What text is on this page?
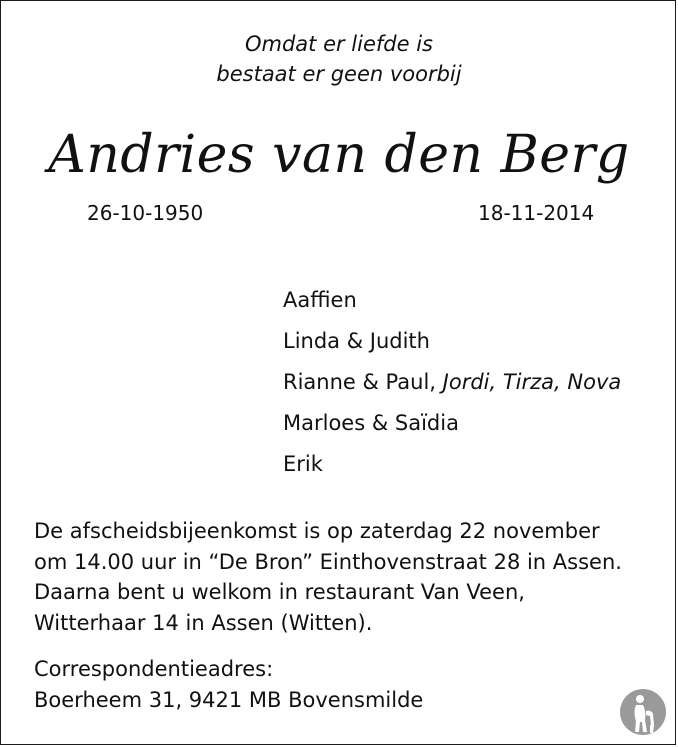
Omdat er liefde is
bestaat er geen voorbij
Andries van den Berg
26-10-1950	18-11-2014
Aaffien
Linda & Judith
Rianne & Paul, Jordi, Tirza, Nova
Marloes & Saïdia
Erik
De afscheidsbijeenkomst is op zaterdag 22 november
om 14.00 uur in “De Bron” Einthovenstraat 28 in Assen.
Daarna bent u welkom in restaurant Van Veen,
Witterhaar 14 in Assen (Witten).
Correspondentieadres:
Boerheem 31, 9421 MB Bovensmilde
